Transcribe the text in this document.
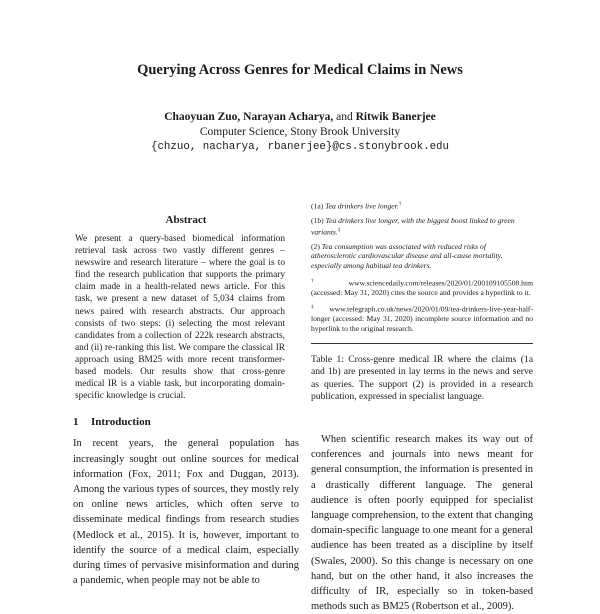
Querying Across Genres for Medical Claims in News
Chaoyuan Zuo, Narayan Acharya, and Ritwik Banerjee
Computer Science, Stony Brook University
{chzuo, nacharya, rbanerjee}@cs.stonybrook.edu
Abstract
We present a query-based biomedical information retrieval task across two vastly different genres – newswire and research literature – where the goal is to find the research publication that supports the primary claim made in a health-related news article. For this task, we present a new dataset of 5,034 claims from news paired with research abstracts. Our approach consists of two steps: (i) selecting the most relevant candidates from a collection of 222k research abstracts, and (ii) re-ranking this list. We compare the classical IR approach using BM25 with more recent transformer-based models. Our results show that cross-genre medical IR is a viable task, but incorporating domain-specific knowledge is crucial.
1 Introduction
In recent years, the general population has increasingly sought out online sources for medical information (Fox, 2011; Fox and Duggan, 2013). Among the various types of sources, they mostly rely on online news articles, which often serve to disseminate medical findings from research studies (Medlock et al., 2015). It is, however, important to identify the source of a medical claim, especially during times of pervasive misinformation and during a pandemic, when people may not be able to

(1a) Tea drinkers live longer.†

(1b) Tea drinkers live longer, with the biggest boost linked to green variants.‡

(2) Tea consumption was associated with reduced risks of atherosclerotic cardiovascular disease and all-cause mortality, especially among habitual tea drinkers.

† www.sciencedaily.com/releases/2020/01/200109105508.htm (accessed: May 31, 2020) cites the source and provides a hyperlink to it.
‡ www.telegraph.co.uk/news/2020/01/09/tea-drinkers-live-year-half-longer (accessed: May 31, 2020) incomplete source information and no hyperlink to the original research.
Table 1: Cross-genre medical IR where the claims (1a and 1b) are presented in lay terms in the news and serve as queries. The support (2) is provided in a research publication, expressed in specialist language.
When scientific research makes its way out of conferences and journals into news meant for general consumption, the information is presented in a drastically different language. The general audience is often poorly equipped for specialist language comprehension, to the extent that changing domain-specific language to one meant for a general audience has been treated as a discipline by itself (Swales, 2000). So this change is necessary on one hand, but on the other hand, it also increases the difficulty of IR, especially so in token-based methods such as BM25 (Robertson et al., 2009).
